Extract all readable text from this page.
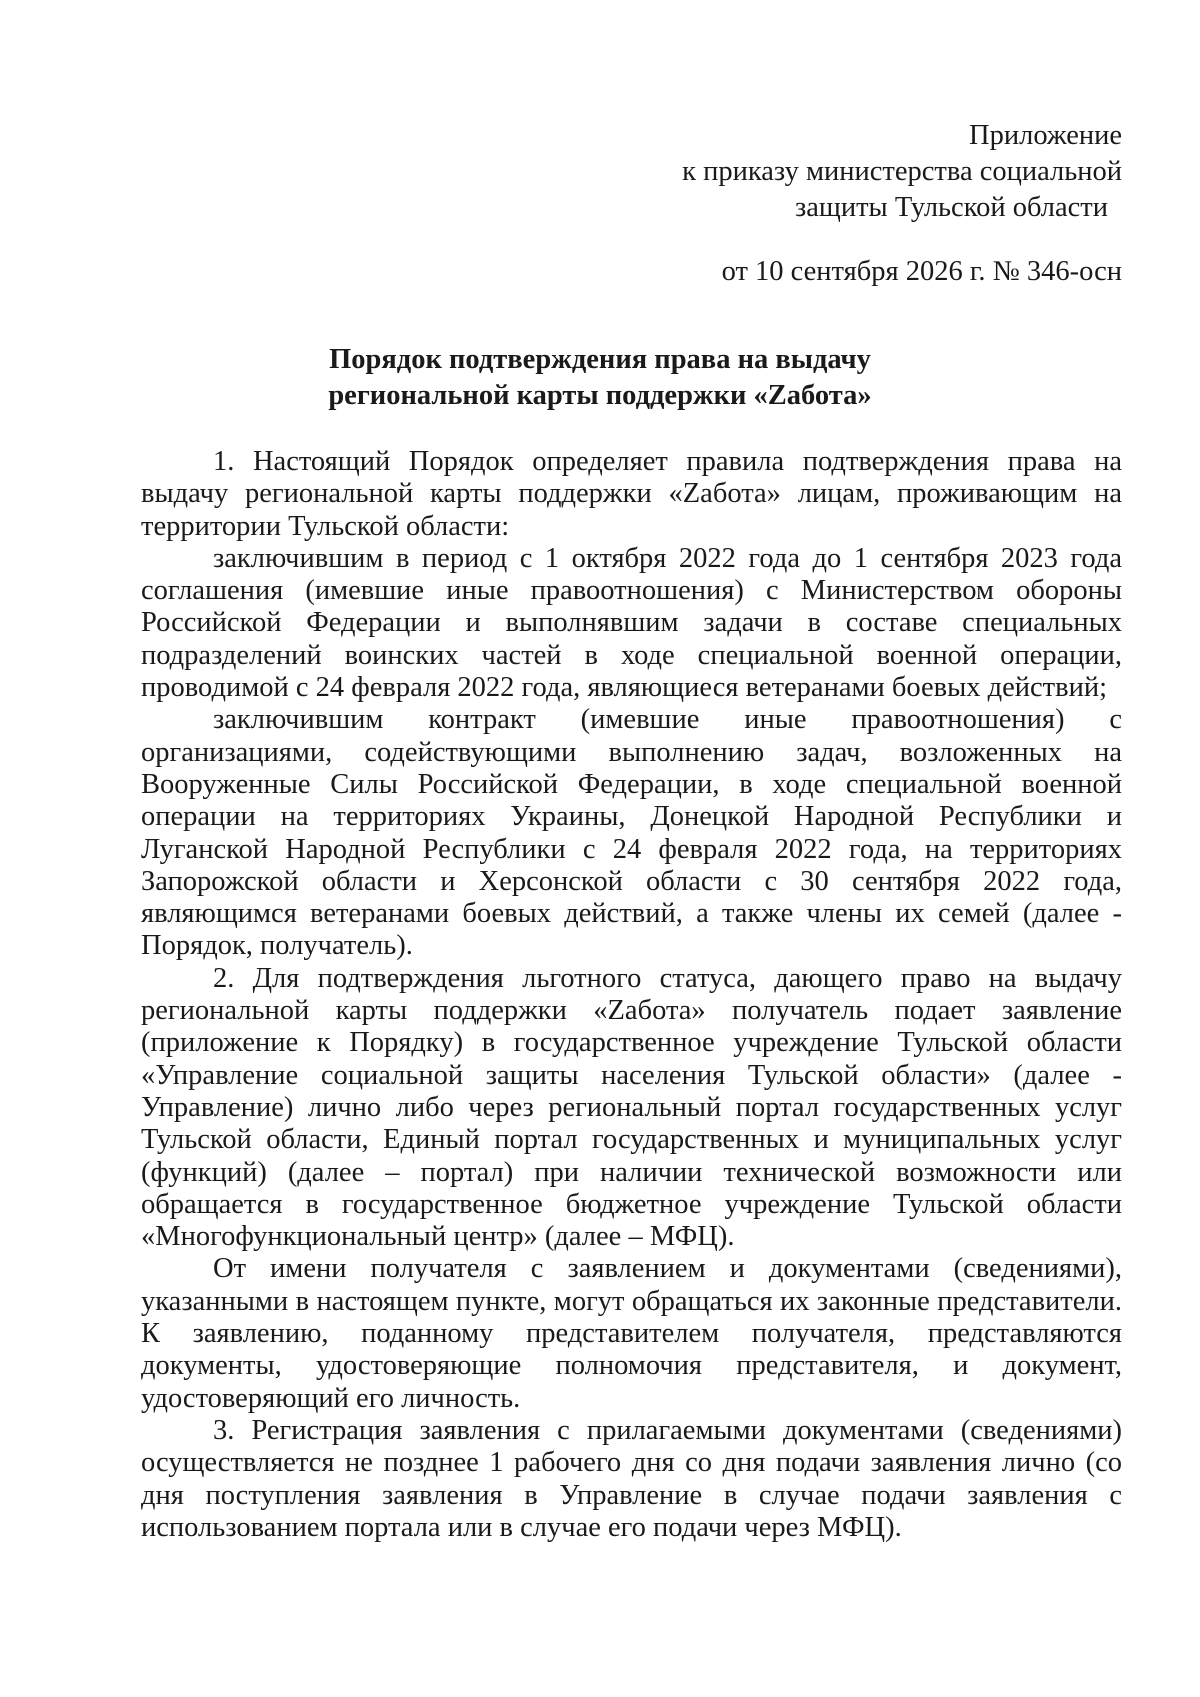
Приложение
к приказу министерства социальной
защиты Тульской области
от 10 сентября 2026 г. № 346-осн
Порядок подтверждения права на выдачу
региональной карты поддержки «Zабота»

1. Настоящий Порядок определяет правила подтверждения права на выдачу региональной карты поддержки «Zабота» лицам, проживающим на территории Тульской области:

заключившим в период с 1 октября 2022 года до 1 сентября 2023 года соглашения (имевшие иные правоотношения) с Министерством обороны Российской Федерации и выполнявшим задачи в составе специальных подразделений воинских частей в ходе специальной военной операции, проводимой с 24 февраля 2022 года, являющиеся ветеранами боевых действий;

заключившим контракт (имевшие иные правоотношения) с организациями, содействующими выполнению задач, возложенных на Вооруженные Силы Российской Федерации, в ходе специальной военной операции на территориях Украины, Донецкой Народной Республики и Луганской Народной Республики с 24 февраля 2022 года, на территориях Запорожской области и Херсонской области с 30 сентября 2022 года, являющимся ветеранами боевых действий, а также члены их семей (далее - Порядок, получатель).

2. Для подтверждения льготного статуса, дающего право на выдачу региональной карты поддержки «Zабота» получатель подает заявление (приложение к Порядку) в государственное учреждение Тульской области «Управление социальной защиты населения Тульской области» (далее - Управление) лично либо через региональный портал государственных услуг Тульской области, Единый портал государственных и муниципальных услуг (функций) (далее – портал) при наличии технической возможности или обращается в государственное бюджетное учреждение Тульской области «Многофункциональный центр» (далее – МФЦ).

От имени получателя с заявлением и документами (сведениями), указанными в настоящем пункте, могут обращаться их законные представители. К заявлению, поданному представителем получателя, представляются документы, удостоверяющие полномочия представителя, и документ, удостоверяющий его личность.

3. Регистрация заявления с прилагаемыми документами (сведениями) осуществляется не позднее 1 рабочего дня со дня подачи заявления лично (со дня поступления заявления в Управление в случае подачи заявления с использованием портала или в случае его подачи через МФЦ).
